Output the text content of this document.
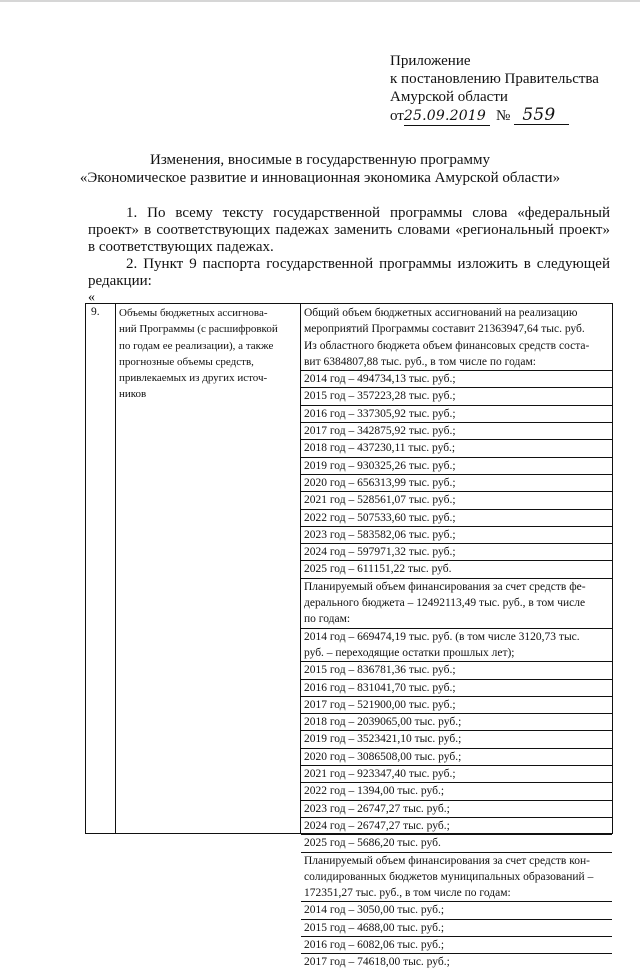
Приложение
к постановлению Правительства
Амурской области
от25.09.2019 № 559
Изменения, вносимые в государственную программу
«Экономическое развитие и инновационная экономика Амурской области»
1. По всему тексту государственной программы слова «федеральный проект» в соответствующих падежах заменить словами «региональный проект» в соответствующих падежах.
2. Пункт 9 паспорта государственной программы изложить в следующей редакции:
«
9.	Объемы бюджетных ассигнова-
ний Программы (с расшифровкой
по годам ее реализации), а также
прогнозные объемы средств,
привлекаемых из других источ-
ников
Общий объем бюджетных ассигнований на реализацию
мероприятий Программы составит 21363947,64 тыс. руб.
Из областного бюджета объем финансовых средств соста-
вит 6384807,88 тыс. руб., в том числе по годам:
2014 год – 494734,13 тыс. руб.;
2015 год – 357223,28 тыс. руб.;
2016 год – 337305,92 тыс. руб.;
2017 год – 342875,92 тыс. руб.;
2018 год – 437230,11 тыс. руб.;
2019 год – 930325,26 тыс. руб.;
2020 год – 656313,99 тыс. руб.;
2021 год – 528561,07 тыс. руб.;
2022 год – 507533,60 тыс. руб.;
2023 год – 583582,06 тыс. руб.;
2024 год – 597971,32 тыс. руб.;
2025 год – 611151,22 тыс. руб.
Планируемый объем финансирования за счет средств фе-
дерального бюджета – 12492113,49 тыс. руб., в том числе
по годам:
2014 год – 669474,19 тыс. руб. (в том числе 3120,73 тыс.
руб. – переходящие остатки прошлых лет);
2015 год – 836781,36 тыс. руб.;
2016 год – 831041,70 тыс. руб.;
2017 год – 521900,00 тыс. руб.;
2018 год – 2039065,00 тыс. руб.;
2019 год – 3523421,10 тыс. руб.;
2020 год – 3086508,00 тыс. руб.;
2021 год – 923347,40 тыс. руб.;
2022 год – 1394,00 тыс. руб.;
2023 год – 26747,27 тыс. руб.;
2024 год – 26747,27 тыс. руб.;
2025 год – 5686,20 тыс. руб.
Планируемый объем финансирования за счет средств кон-
солидированных бюджетов муниципальных образований –
172351,27 тыс. руб., в том числе по годам:
2014 год – 3050,00 тыс. руб.;
2015 год – 4688,00 тыс. руб.;
2016 год – 6082,06 тыс. руб.;
2017 год – 74618,00 тыс. руб.;
